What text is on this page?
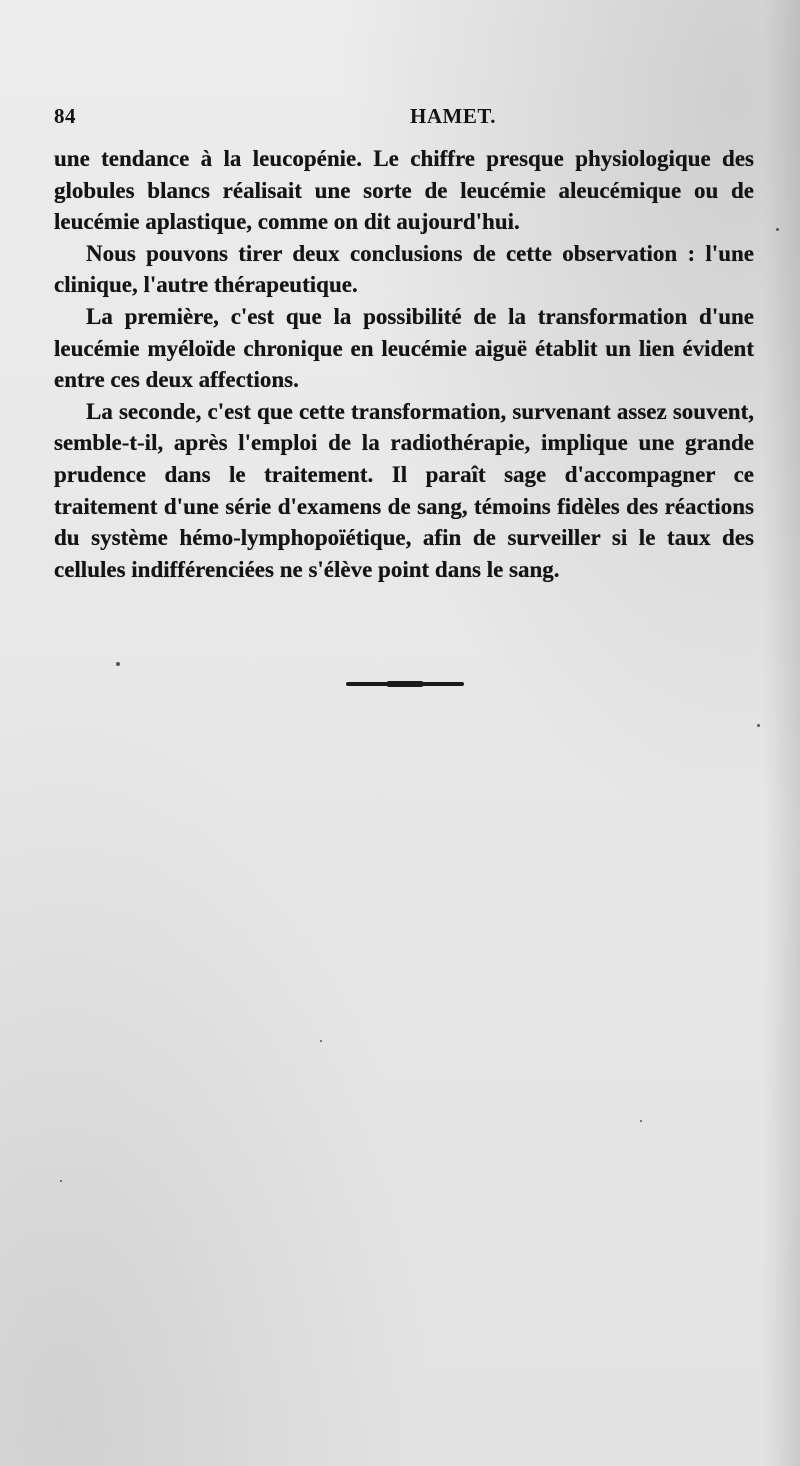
84	HAMET.

une tendance à la leucopénie. Le chiffre presque physiologique des globules blancs réalisait une sorte de leucémie aleucémique ou de leucémie aplastique, comme on dit aujourd'hui.

Nous pouvons tirer deux conclusions de cette observation : l'une clinique, l'autre thérapeutique.

La première, c'est que la possibilité de la transformation d'une leucémie myéloïde chronique en leucémie aiguë établit un lien évident entre ces deux affections.

La seconde, c'est que cette transformation, survenant assez souvent, semble-t-il, après l'emploi de la radiothérapie, implique une grande prudence dans le traitement. Il paraît sage d'accompagner ce traitement d'une série d'examens de sang, témoins fidèles des réactions du système hémo-lymphopoïétique, afin de surveiller si le taux des cellules indifférenciées ne s'élève point dans le sang.
